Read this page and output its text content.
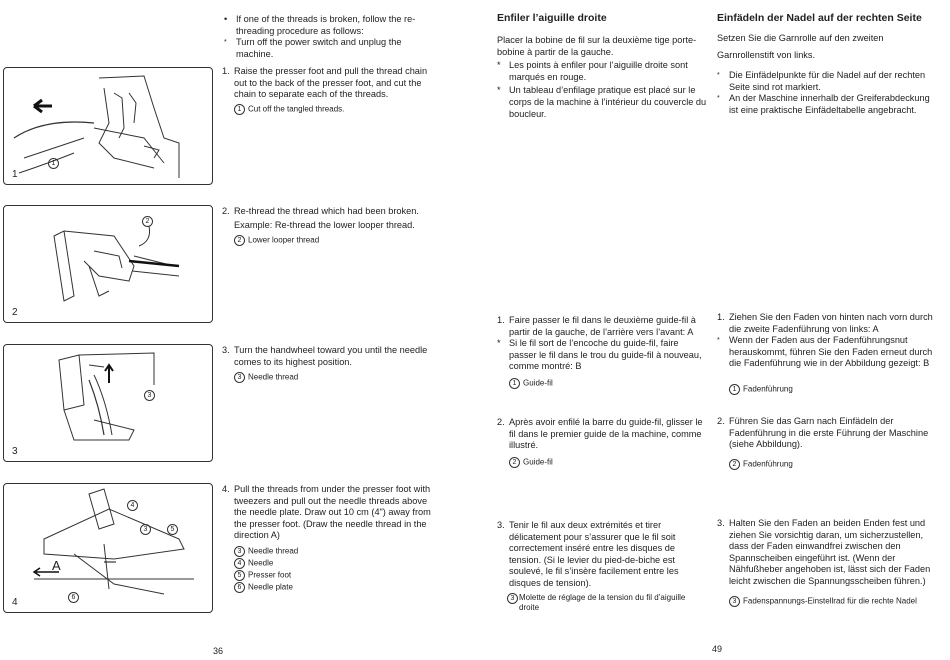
1
1
2
2
3
3
A
4
3	5
6
4
• If one of the threads is broken, follow the re-threading procedure as follows:
* Turn off the power switch and unplug the machine.
1. Raise the presser foot and pull the thread chain out to the back of the presser foot, and cut the chain to separate each of the threads.
1 Cut off the tangled threads.
2. Re-thread the thread which had been broken.
Example: Re-thread the lower looper thread.
2 Lower looper thread
3. Turn the handwheel toward you until the needle comes to its highest position.
3 Needle thread
4. Pull the threads from under the presser foot with tweezers and pull out the needle threads above the needle plate. Draw out 10 cm (4") away from the presser foot. (Draw the needle thread in the direction A)
3 Needle thread
4 Needle
5 Presser foot
6 Needle plate
36
Enfiler l’aiguille droite
Placer la bobine de fil sur la deuxième tige porte-bobine à partir de la gauche.
* Les points à enfiler pour l’aiguille droite sont marqués en rouge.
* Un tableau d’enfilage pratique est placé sur le corps de la machine à l’intérieur du couvercle du boucleur.
1. Faire passer le fil dans le deuxième guide-fil à partir de la gauche, de l’arrière vers l’avant: A
* Si le fil sort de l’encoche du guide-fil, faire passer le fil dans le trou du guide-fil à nouveau, comme montré: B
1 Guide-fil
2. Après avoir enfilé la barre du guide-fil, glisser le fil dans le premier guide de la machine, comme illustré.
2 Guide-fil
3. Tenir le fil aux deux extrémités et tirer délicatement pour s’assurer que le fil soit correctement inséré entre les disques de tension. (Si le levier du pied-de-biche est soulevé, le fil s’insère facilement entre les disques de tension).
3 Molette de réglage de la tension du fil d’aiguille droite
Einfädeln der Nadel auf der rechten Seite
Setzen Sie die Garnrolle auf den zweiten Garnrollenstift von links.
* Die Einfädelpunkte für die Nadel auf der rechten Seite sind rot markiert.
* An der Maschine innerhalb der Greiferabdeckung ist eine praktische Einfädeltabelle angebracht.
1. Ziehen Sie den Faden von hinten nach vorn durch die zweite Fadenführung von links: A
* Wenn der Faden aus der Fadenführungsnut herauskommt, führen Sie den Faden erneut durch die Fadenführung wie in der Abbildung gezeigt: B
1 Fadenführung
2. Führen Sie das Garn nach Einfädeln der Fadenführung in die erste Führung der Maschine (siehe Abbildung).
2 Fadenführung
3. Halten Sie den Faden an beiden Enden fest und ziehen Sie vorsichtig daran, um sicherzustellen, dass der Faden einwandfrei zwischen den Spannscheiben eingeführt ist. (Wenn der Nähfußheber angehoben ist, lässt sich der Faden leicht zwischen die Spannungsscheiben führen.)
3 Fadenspannungs-Einstellrad für die rechte Nadel
49
